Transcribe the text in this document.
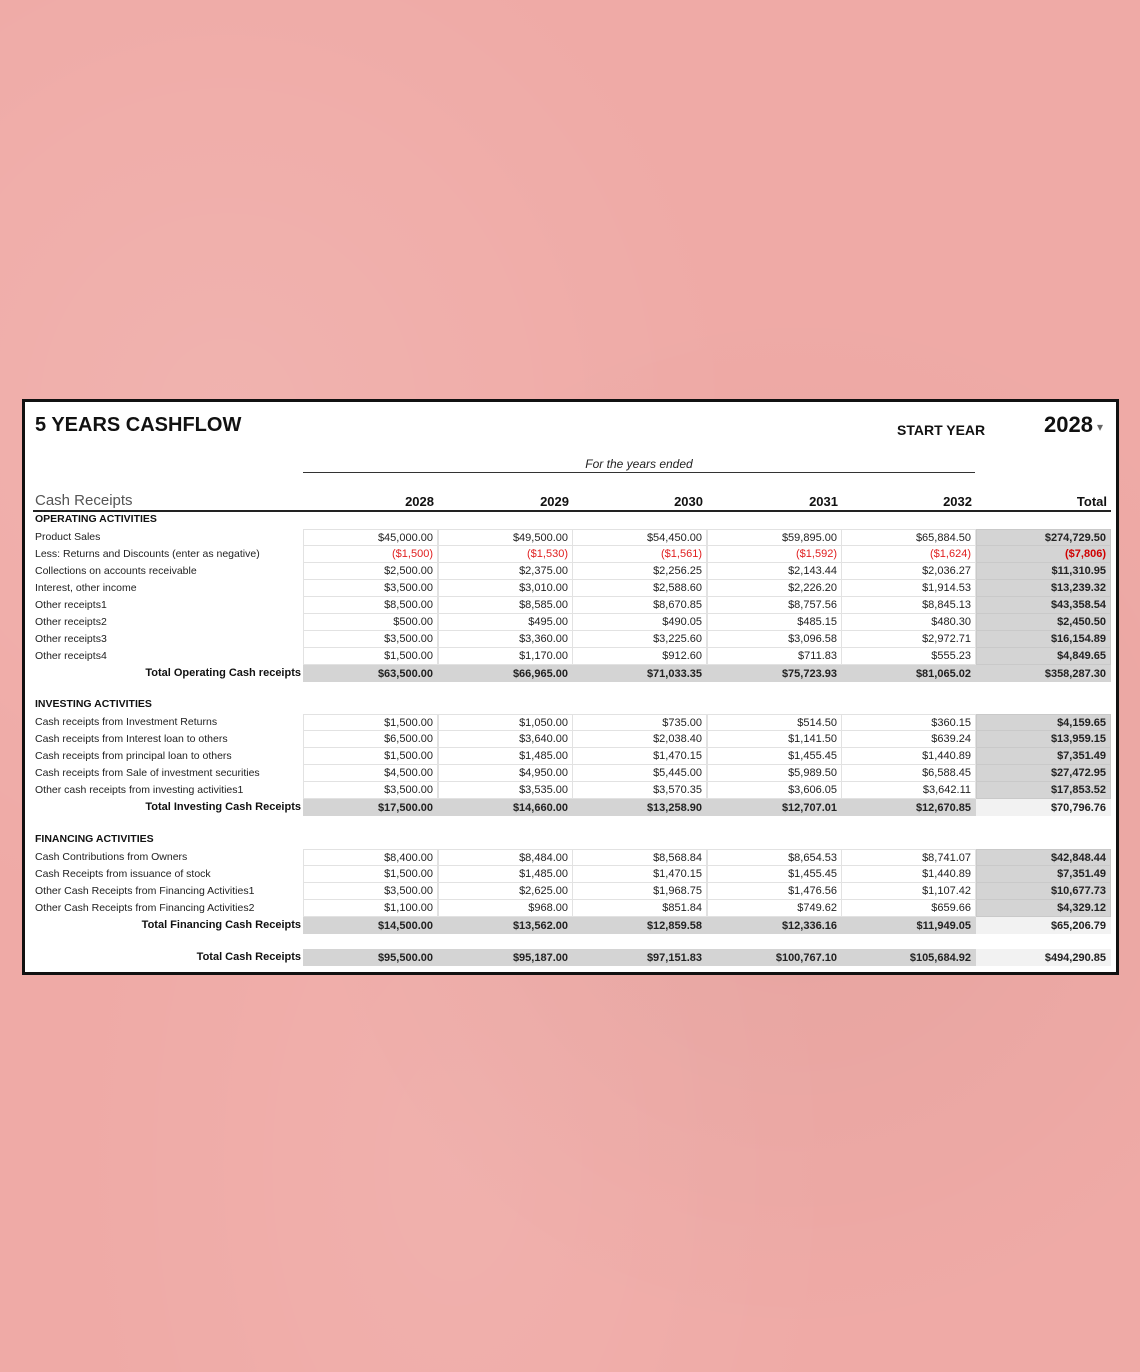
5 YEARS CASHFLOW	START YEAR	2028 ▾
For the years ended
Cash Receipts	2028	2029	2030	2031	2032	Total
OPERATING ACTIVITIES
Product Sales	$45,000.00	$49,500.00	$54,450.00	$59,895.00	$65,884.50	$274,729.50
Less: Returns and Discounts (enter as negative)	($1,500)	($1,530)	($1,561)	($1,592)	($1,624)	($7,806)
Collections on accounts receivable	$2,500.00	$2,375.00	$2,256.25	$2,143.44	$2,036.27	$11,310.95
Interest, other income	$3,500.00	$3,010.00	$2,588.60	$2,226.20	$1,914.53	$13,239.32
Other receipts1	$8,500.00	$8,585.00	$8,670.85	$8,757.56	$8,845.13	$43,358.54
Other receipts2	$500.00	$495.00	$490.05	$485.15	$480.30	$2,450.50
Other receipts3	$3,500.00	$3,360.00	$3,225.60	$3,096.58	$2,972.71	$16,154.89
Other receipts4	$1,500.00	$1,170.00	$912.60	$711.83	$555.23	$4,849.65
Total Operating Cash receipts	$63,500.00	$66,965.00	$71,033.35	$75,723.93	$81,065.02	$358,287.30
INVESTING ACTIVITIES
Cash receipts from Investment Returns	$1,500.00	$1,050.00	$735.00	$514.50	$360.15	$4,159.65
Cash receipts from Interest loan to others	$6,500.00	$3,640.00	$2,038.40	$1,141.50	$639.24	$13,959.15
Cash receipts from principal loan to others	$1,500.00	$1,485.00	$1,470.15	$1,455.45	$1,440.89	$7,351.49
Cash receipts from Sale of investment securities	$4,500.00	$4,950.00	$5,445.00	$5,989.50	$6,588.45	$27,472.95
Other cash receipts from investing activities1	$3,500.00	$3,535.00	$3,570.35	$3,606.05	$3,642.11	$17,853.52
Total Investing Cash Receipts	$17,500.00	$14,660.00	$13,258.90	$12,707.01	$12,670.85	$70,796.76
FINANCING ACTIVITIES
Cash Contributions from Owners	$8,400.00	$8,484.00	$8,568.84	$8,654.53	$8,741.07	$42,848.44
Cash Receipts from issuance of stock	$1,500.00	$1,485.00	$1,470.15	$1,455.45	$1,440.89	$7,351.49
Other Cash Receipts from Financing Activities1	$3,500.00	$2,625.00	$1,968.75	$1,476.56	$1,107.42	$10,677.73
Other Cash Receipts from Financing Activities2	$1,100.00	$968.00	$851.84	$749.62	$659.66	$4,329.12
Total Financing Cash Receipts	$14,500.00	$13,562.00	$12,859.58	$12,336.16	$11,949.05	$65,206.79
Total Cash Receipts	$95,500.00	$95,187.00	$97,151.83	$100,767.10	$105,684.92	$494,290.85
